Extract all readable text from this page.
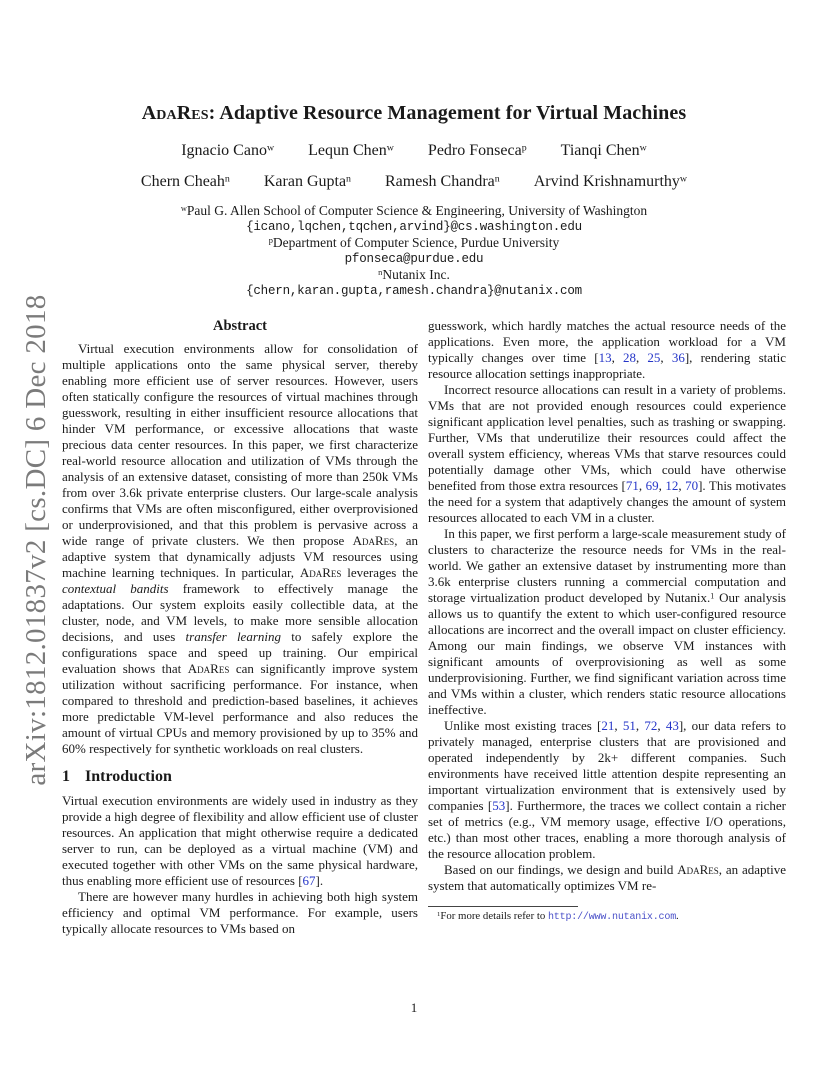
arXiv:1812.01837v2 [cs.DC] 6 Dec 2018
AdaRes: Adaptive Resource Management for Virtual Machines
Ignacio Cano$^w$ Lequn Chen$^w$ Pedro Fonseca$^p$ Tianqi Chen$^w$
Chern Cheah$^n$ Karan Gupta$^n$ Ramesh Chandra$^n$ Arvind Krishnamurthy$^w$
$^w$Paul G. Allen School of Computer Science & Engineering, University of Washington
{icano,lqchen,tqchen,arvind}@cs.washington.edu
$^p$Department of Computer Science, Purdue University
pfonseca@purdue.edu
$^n$Nutanix Inc.
{chern,karan.gupta,ramesh.chandra}@nutanix.com
Abstract

Virtual execution environments allow for consolidation of multiple applications onto the same physical server, thereby enabling more efficient use of server resources. However, users often statically configure the resources of virtual machines through guesswork, resulting in either insufficient resource allocations that hinder VM performance, or excessive allocations that waste precious data center resources. In this paper, we first characterize real-world resource allocation and utilization of VMs through the analysis of an extensive dataset, consisting of more than 250k VMs from over 3.6k private enterprise clusters. Our large-scale analysis confirms that VMs are often misconfigured, either overprovisioned or underprovisioned, and that this problem is pervasive across a wide range of private clusters. We then propose AdaRes, an adaptive system that dynamically adjusts VM resources using machine learning techniques. In particular, AdaRes leverages the contextual bandits framework to effectively manage the adaptations. Our system exploits easily collectible data, at the cluster, node, and VM levels, to make more sensible allocation decisions, and uses transfer learning to safely explore the configurations space and speed up training. Our empirical evaluation shows that AdaRes can significantly improve system utilization without sacrificing performance. For instance, when compared to threshold and prediction-based baselines, it achieves more predictable VM-level performance and also reduces the amount of virtual CPUs and memory provisioned by up to 35% and 60% respectively for synthetic workloads on real clusters.

1 Introduction

Virtual execution environments are widely used in industry as they provide a high degree of flexibility and allow efficient use of cluster resources. An application that might otherwise require a dedicated server to run, can be deployed as a virtual machine (VM) and executed together with other VMs on the same physical hardware, thus enabling more efficient use of resources [67].

There are however many hurdles in achieving both high system efficiency and optimal VM performance. For example, users typically allocate resources to VMs based on

guesswork, which hardly matches the actual resource needs of the applications. Even more, the application workload for a VM typically changes over time [13, 28, 25, 36], rendering static resource allocation settings inappropriate.

Incorrect resource allocations can result in a variety of problems. VMs that are not provided enough resources could experience significant application level penalties, such as trashing or swapping. Further, VMs that underutilize their resources could affect the overall system efficiency, whereas VMs that starve resources could potentially damage other VMs, which could have otherwise benefited from those extra resources [71, 69, 12, 70]. This motivates the need for a system that adaptively changes the amount of system resources allocated to each VM in a cluster.

In this paper, we first perform a large-scale measurement study of clusters to characterize the resource needs for VMs in the real-world. We gather an extensive dataset by instrumenting more than 3.6k enterprise clusters running a commercial computation and storage virtualization product developed by Nutanix.$^1$ Our analysis allows us to quantify the extent to which user-configured resource allocations are incorrect and the overall impact on cluster efficiency. Among our main findings, we observe VM instances with significant amounts of overprovisioning as well as some underprovisioning. Further, we find significant variation across time and VMs within a cluster, which renders static resource allocations ineffective.

Unlike most existing traces [21, 51, 72, 43], our data refers to privately managed, enterprise clusters that are provisioned and operated independently by 2k+ different companies. Such environments have received little attention despite representing an important virtualization environment that is extensively used by companies [53]. Furthermore, the traces we collect contain a richer set of metrics (e.g., VM memory usage, effective I/O operations, etc.) than most other traces, enabling a more thorough analysis of the resource allocation problem.

Based on our findings, we design and build AdaRes, an adaptive system that automatically optimizes VM re-

$^1$For more details refer to http://www.nutanix.com.
1
